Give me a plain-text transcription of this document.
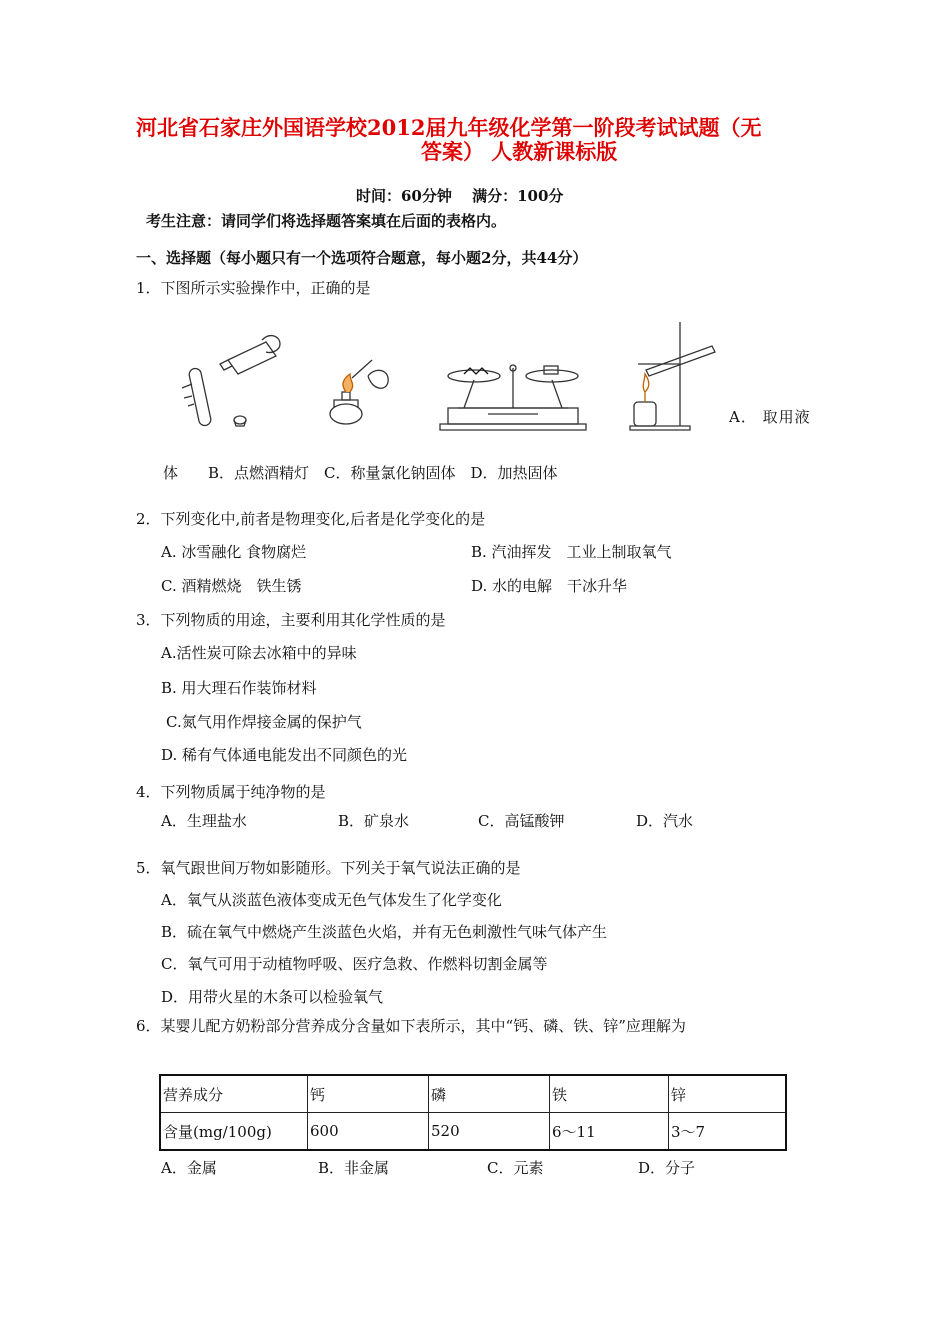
河北省石家庄外国语学校2012届九年级化学第一阶段考试试题（无
答案） 人教新课标版
时间：60分钟　 满分：100分
考生注意：请同学们将选择题答案填在后面的表格内。
一、选择题（每小题只有一个选项符合题意，每小题2分，共44分）
1．下图所示实验操作中，正确的是
A． 取用液
体　　B．点燃酒精灯　C．称量氯化钠固体　D．加热固体
2．下列变化中,前者是物理变化,后者是化学变化的是
A. 冰雪融化 食物腐烂	B. 汽油挥发　工业上制取氧气
C. 酒精燃烧　铁生锈	D. 水的电解　干冰升华
3．下列物质的用途，主要利用其化学性质的是
A.活性炭可除去冰箱中的异味
B. 用大理石作装饰材料
C.氮气用作焊接金属的保护气
D. 稀有气体通电能发出不同颜色的光
4．下列物质属于纯净物的是
A．生理盐水	B．矿泉水	C．高锰酸钾	D．汽水
5．氧气跟世间万物如影随形。下列关于氧气说法正确的是
A．氧气从淡蓝色液体变成无色气体发生了化学变化
B．硫在氧气中燃烧产生淡蓝色火焰，并有无色刺激性气味气体产生
C．氧气可用于动植物呼吸、医疗急救、作燃料切割金属等
D．用带火星的木条可以检验氧气
6．某婴儿配方奶粉部分营养成分含量如下表所示，其中“钙、磷、铁、锌”应理解为
营养成分	钙	磷	铁	锌
含量(mg/100g)	600	520	6～11	3～7
A．金属	B．非金属	C．元素	D．分子
